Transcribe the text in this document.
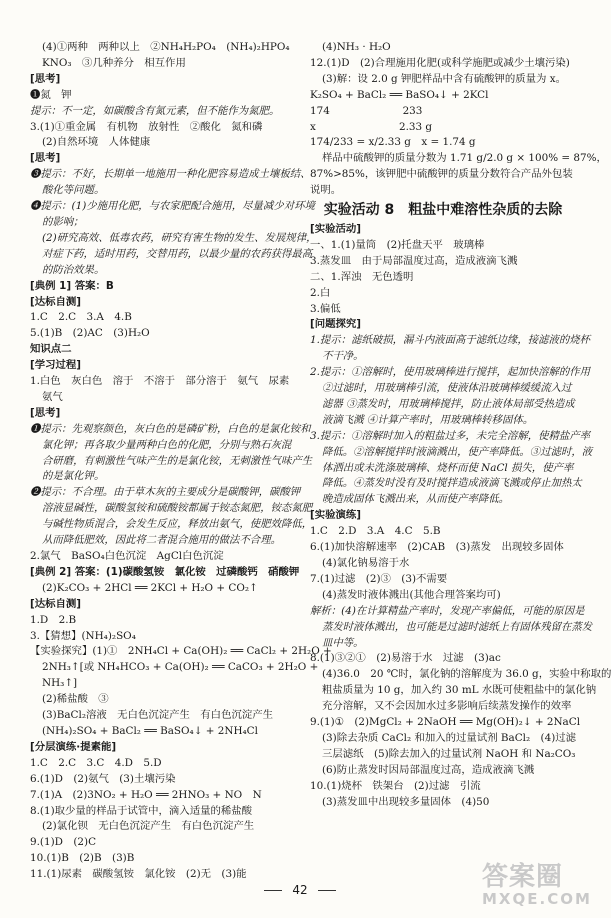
(4)①两种　两种以上　②NH₄H₂PO₄　(NH₄)₂HPO₄
KNO₃　③几种养分　相互作用
[思考]
❶氮　钾
提示：不一定，如碳酸含有氮元素，但不能作为氮肥。
3.(1)①重金属　有机物　放射性　②酸化　氮和磷
(2)自然环境　人体健康
[思考]
❸提示：不好，长期单一地施用一种化肥容易造成土壤板结、
酸化等问题。
❹提示：(1)少施用化肥，与农家肥配合施用，尽量减少对环境
的影响；
(2)研究高效、低毒农药，研究有害生物的发生、发展规律，
对症下药，适时用药，交替用药，以最少量的农药获得最高
的防治效果。
[典例 1] 答案：B
[达标自测]
1.C　2.C　3.A　4.B
5.(1)B　(2)AC　(3)H₂O
知识点二
[学习过程]
1.白色　灰白色　溶于　不溶于　部分溶于　氨气　尿素
氨气
[思考]
❶提示：先观察颜色，灰白色的是磷矿粉，白色的是氯化铵和
氯化钾；再各取少量两种白色的化肥，分别与熟石灰混
合研磨，有刺激性气味产生的是氯化铵，无刺激性气味产生
的是氯化钾。
❷提示：不合理。由于草木灰的主要成分是碳酸钾，碳酸钾
溶液显碱性，碳酸氢铵和硫酸铵都属于铵态氮肥，铵态氮肥
与碱性物质混合，会发生反应，释放出氨气，使肥效降低，
从而降低肥效，因此将二者混合施用的做法不合理。
2.氯气　BaSO₄白色沉淀　AgCl白色沉淀
[典例 2] 答案：(1)碳酸氢铵　氯化铵　过磷酸钙　硝酸钾
(2)K₂CO₃ + 2HCl ══ 2KCl + H₂O + CO₂↑
[达标自测]
1.D　2.B
3.【猜想】(NH₄)₂SO₄
【实验探究】(1)①　2NH₄Cl + Ca(OH)₂ ══ CaCl₂ + 2H₂O +
2NH₃↑[或 NH₄HCO₃ + Ca(OH)₂ ══ CaCO₃ + 2H₂O +
NH₃↑]
(2)稀盐酸　③
(3)BaCl₂溶液　无白色沉淀产生　有白色沉淀产生
(NH₄)₂SO₄ + BaCl₂ ══ BaSO₄↓ + 2NH₄Cl
[分层演练·提素能]
1.C　2.C　3.C　4.D　5.D
6.(1)D　(2)氨气　(3)土壤污染
7.(1)A　(2)3NO₂ + H₂O ══ 2HNO₃ + NO　N
8.(1)取少量的样品于试管中，滴入适量的稀盐酸
(2)氯化钡　无白色沉淀产生　有白色沉淀产生
9.(1)D　(2)C
10.(1)B　(2)B　(3)B
11.(1)尿素　碳酸氢铵　氯化铵　(2)无　(3)能
(4)NH₃ · H₂O
12.(1)D　(2)合理施用化肥(或科学施肥或减少土壤污染)
(3)解：设 2.0 g 钾肥样品中含有硫酸钾的质量为 x。
K₂SO₄ + BaCl₂ ══ BaSO₄↓ + 2KCl
174　　　　　　　233
x　　　　　　　　2.33 g
174/233 = x/2.33 g　x = 1.74 g
样品中硫酸钾的质量分数为 1.71 g/2.0 g × 100% = 87%，
87%>85%，该钾肥中硫酸钾的质量分数符合产品外包装
说明。
实验活动 8　粗盐中难溶性杂质的去除
[实验活动]
一、1.(1)量筒　(2)托盘天平　玻璃棒
3.蒸发皿　由于局部温度过高，造成液滴飞溅
二、1.浑浊　无色透明
2.白
3.偏低
[问题探究]
1.提示：滤纸破损，漏斗内液面高于滤纸边缘，接滤液的烧杯
不干净。
2.提示：①溶解时，使用玻璃棒进行搅拌，起加快溶解的作用
②过滤时，用玻璃棒引流，使液体沿玻璃棒缓缓流入过
滤器 ③蒸发时，用玻璃棒搅拌，防止液体局部受热造成
液滴飞溅 ④计算产率时，用玻璃棒转移固体。
3.提示：①溶解时加入的粗盐过多，未完全溶解，使精盐产率
降低。②溶解搅拌时液滴溅出，使产率降低。③过滤时，液
体洒出或未洗涤玻璃棒、烧杯而使 NaCl 损失，使产率
降低。④蒸发时没有及时搅拌造成液滴飞溅或停止加热太
晚造成固体飞溅出来，从而使产率降低。
[实验演练]
1.C　2.D　3.A　4.C　5.B
6.(1)加快溶解速率　(2)CAB　(3)蒸发　出现较多固体
(4)氯化钠易溶于水
7.(1)过滤　(2)③　(3)不需要
(4)蒸发时液体溅出(其他合理答案均可)
解析：(4)在计算精盐产率时，发现产率偏低，可能的原因是
蒸发时液体溅出，也可能是过滤时滤纸上有固体残留在蒸发
皿中等。
8.(1)③②①　(2)易溶于水　过滤　(3)ac
(4)36.0　20 ℃时，氯化钠的溶解度为 36.0 g，实验中称取的
粗盐质量为 10 g，加入约 30 mL 水既可使粗盐中的氯化钠
充分溶解，又不会因加水过多影响后续蒸发操作的效率
9.(1)①　(2)MgCl₂ + 2NaOH ══ Mg(OH)₂↓ + 2NaCl
(3)除去杂质 CaCl₂ 和加入的过量试剂 BaCl₂　(4)过滤
三层滤纸　(5)除去加入的过量试剂 NaOH 和 Na₂CO₃
(6)防止蒸发时因局部温度过高，造成液滴飞溅
10.(1)烧杯　铁架台　(2)过滤　引流
(3)蒸发皿中出现较多量固体　(4)50
42	答案圈
MXQE.COM
